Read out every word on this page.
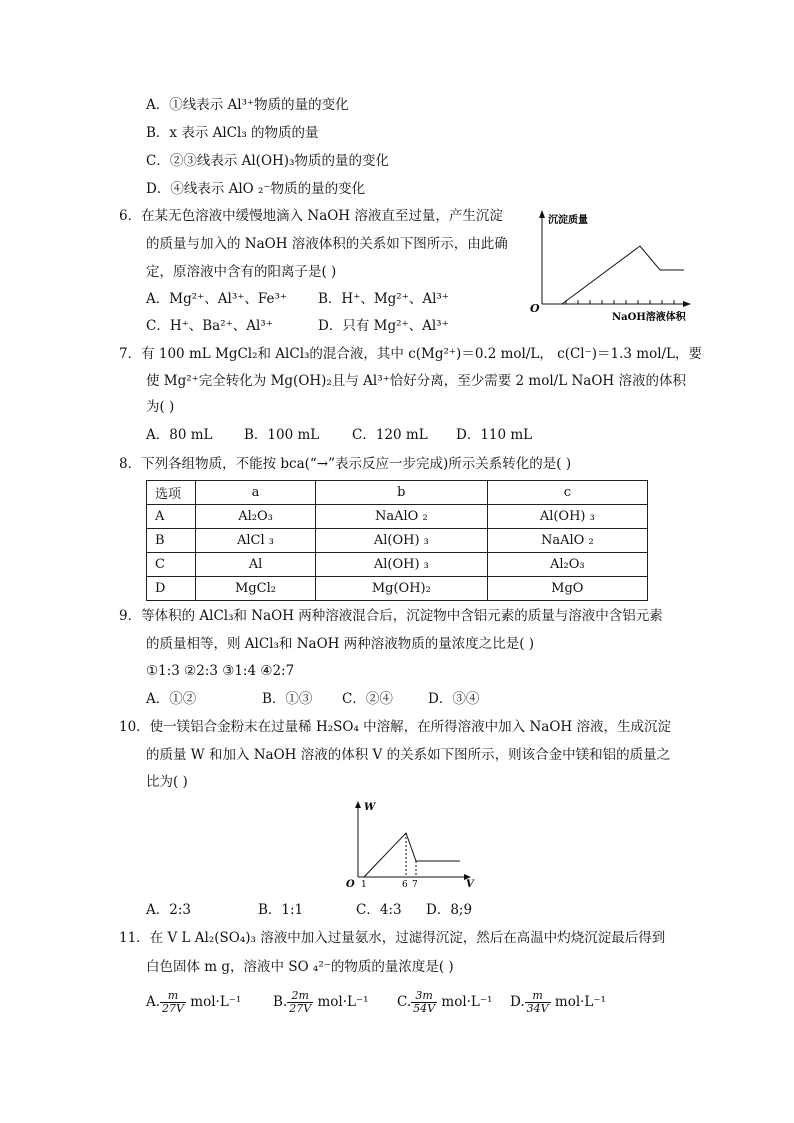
A．①线表示 Al³⁺物质的量的变化
B．x 表示 AlCl₃ 的物质的量
C．②③线表示 Al(OH)₃物质的量的变化
D．④线表示 AlO ₂⁻物质的量的变化
6．在某无色溶液中缓慢地滴入 NaOH 溶液直至过量，产生沉淀
的质量与加入的 NaOH 溶液体积的关系如下图所示，由此确
定，原溶液中含有的阳离子是( )
A．Mg²⁺、Al³⁺、Fe³⁺ B．H⁺、Mg²⁺、Al³⁺
C．H⁺、Ba²⁺、Al³⁺	D．只有 Mg²⁺、Al³⁺
沉淀质量
O
NaOH溶液体积
7．有 100 mL MgCl₂和 AlCl₃的混合液，其中 c(Mg²⁺)＝0.2 mol/L， c(Cl⁻)＝1.3 mol/L，要
使 Mg²⁺完全转化为 Mg(OH)₂且与 Al³⁺恰好分离，至少需要 2 mol/L NaOH 溶液的体积
为( )
A．80 mL B．100 mL C．120 mL D．110 mL
8．下列各组物质，不能按 bca(“→”表示反应一步完成)所示关系转化的是( )
选项	a	b	c
A	Al₂O₃	NaAlO ₂	Al(OH) ₃
B	AlCl ₃	Al(OH) ₃	NaAlO ₂
C	Al	Al(OH) ₃	Al₂O₃
D	MgCl₂	Mg(OH)₂	MgO
9．等体积的 AlCl₃和 NaOH 两种溶液混合后，沉淀物中含铝元素的质量与溶液中含铝元素
的质量相等，则 AlCl₃和 NaOH 两种溶液物质的量浓度之比是( )
①1:3 ②2:3 ③1:4 ④2:7
A．①②	B．①③ C．②④	D．③④
10．使一镁铝合金粉末在过量稀 H₂SO₄ 中溶解，在所得溶液中加入 NaOH 溶液，生成沉淀
的质量 W 和加入 NaOH 溶液的体积 V 的关系如下图所示，则该合金中镁和铝的质量之
比为( )
W
O 1	6 7	V
A．2:3	B．1:1	C．4:3 D．8;9
11．在 V L Al₂(SO₄)₃ 溶液中加入过量氨水，过滤得沉淀，然后在高温中灼烧沉淀最后得到
白色固体 m g，溶液中 SO ₄²⁻的物质的量浓度是( )
A. $\frac{m}{27V} mol\cdot L^{-1}$ B. $\frac{2m}{27V} mol\cdot L^{-1}$ C. $\frac{3m}{54V} mol\cdot L^{-1}$ D. $\frac{m}{34V} mol\cdot L^{-1}$
